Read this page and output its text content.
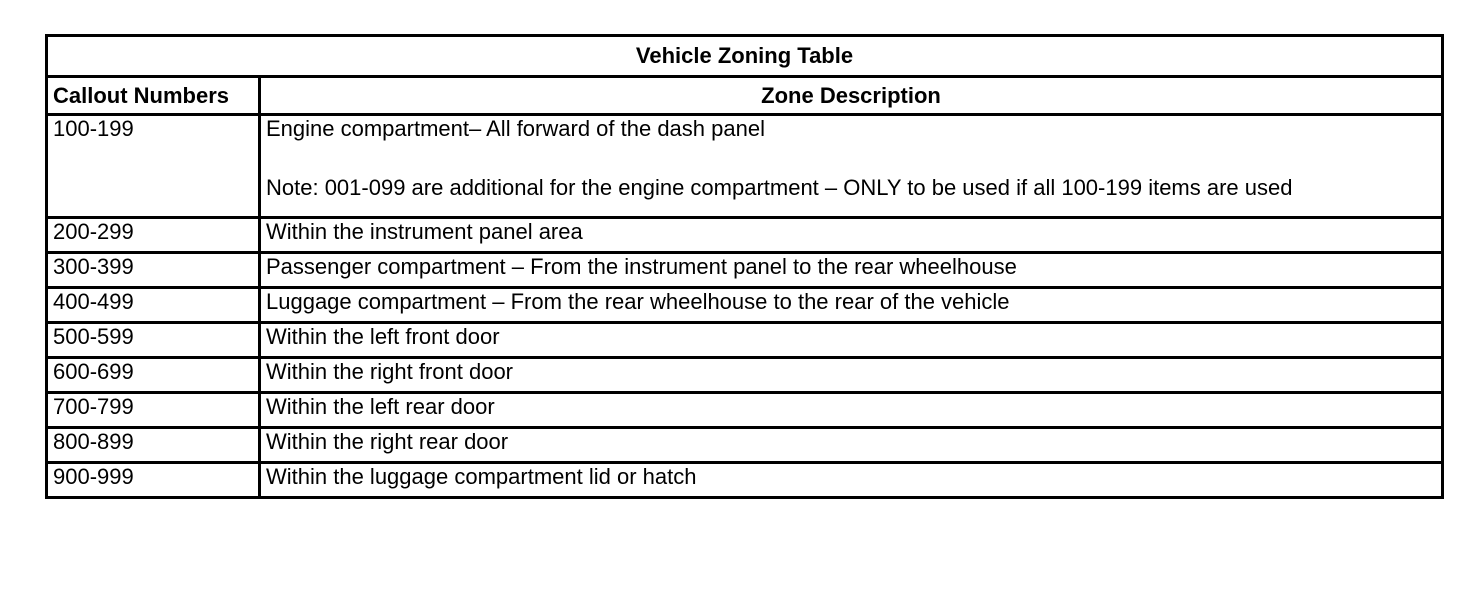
Vehicle Zoning Table	
Callout Numbers	Zone Description
100-199	Engine compartment– All forward of the dash panel
Note: 001-099 are additional for the engine compartment – ONLY to be used if all 100-199 items are used

200-299	Within the instrument panel area
300-399	Passenger compartment – From the instrument panel to the rear wheelhouse
400-499	Luggage compartment – From the rear wheelhouse to the rear of the vehicle
500-599	Within the left front door
600-699	Within the right front door
700-799	Within the left rear door
800-899	Within the right rear door
900-999	Within the luggage compartment lid or hatch
